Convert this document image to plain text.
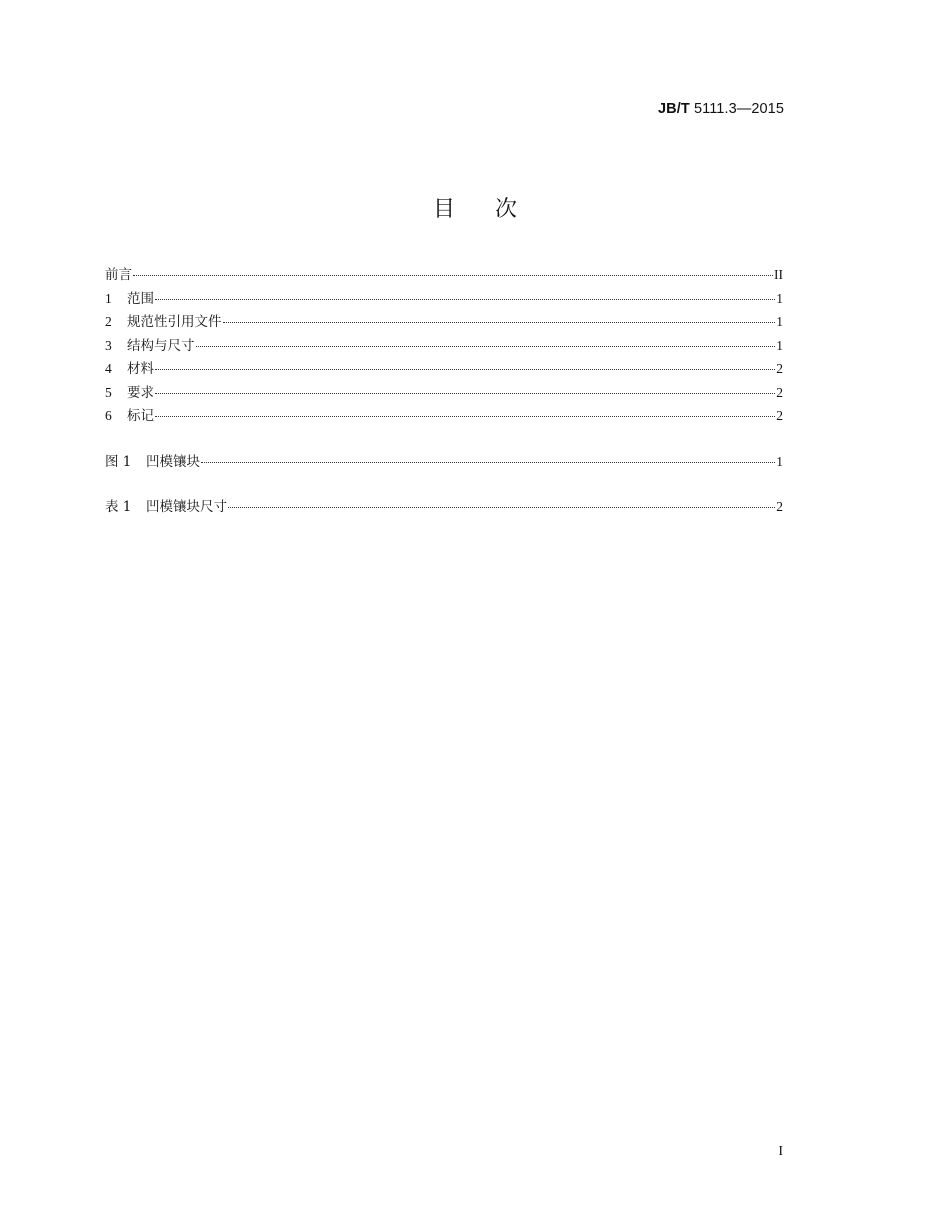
JB/T 5111.3—2015
目次
前言	II
1	范围	1
2	规范性引用文件	1
3	结构与尺寸	1
4	材料	2
5	要求	2
6	标记	2
图 1	凹模镶块	1
表 1	凹模镶块尺寸	2
I
